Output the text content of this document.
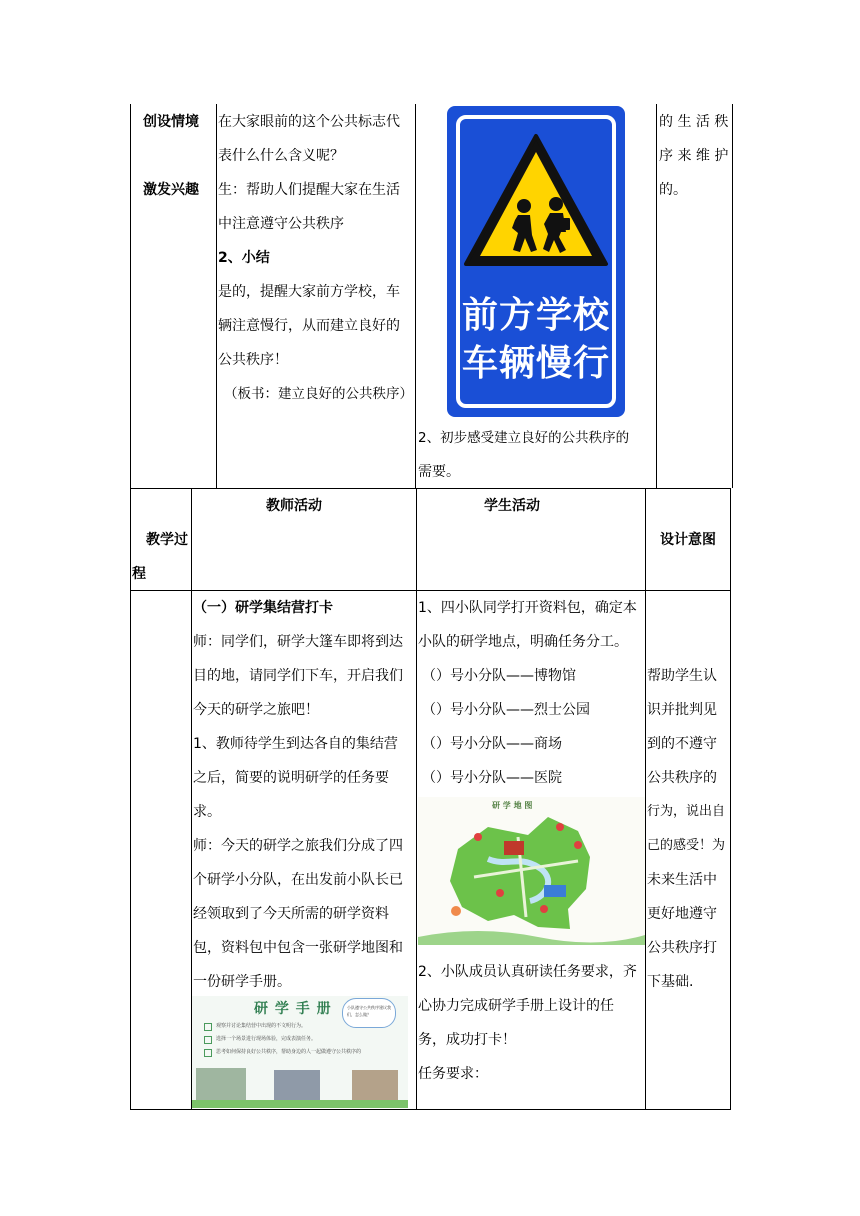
创设情境
激发兴趣
在大家眼前的这个公共标志代
表什么什么含义呢？
生：帮助人们提醒大家在生活
中注意遵守公共秩序
2、小结
是的，提醒大家前方学校，车
辆注意慢行，从而建立良好的
公共秩序！
（板书：建立良好的公共秩序）
前方学校
车辆慢行
2、初步感受建立良好的公共秩序的
需要。
的 生 活 秩
序 来 维 护
的。
教学过
程
教师活动	学生活动
设计意图
（一）研学集结营打卡
师：同学们，研学大篷车即将到达
目的地，请同学们下车，开启我们
今天的研学之旅吧！
1、教师待学生到达各自的集结营
之后，简要的说明研学的任务要
求。
师：今天的研学之旅我们分成了四
个研学小分队，在出发前小队长已
经领取到了今天所需的研学资料
包，资料包中包含一张研学地图和
一份研学手册。
研 学 手 册	小队遵守公共秩序建议我们，怎么做？
观察并讨论集结营中出现的不文明行为。
选择一个场景进行现场体验，完成表演任务。
思考如何保持良好公共秩序，帮助身边的人一起做遵守公共秩序的
1、四小队同学打开资料包，确定本
小队的研学地点，明确任务分工。
（）号小分队——博物馆
（）号小分队——烈士公园
（）号小分队——商场
（）号小分队——医院
研 学 地 图
2、小队成员认真研读任务要求，齐
心协力完成研学手册上设计的任
务，成功打卡！
任务要求：
帮助学生认
识并批判见
到的不遵守
公共秩序的
行为，说出自
己的感受！为
未来生活中
更好地遵守
公共秩序打
下基础.
